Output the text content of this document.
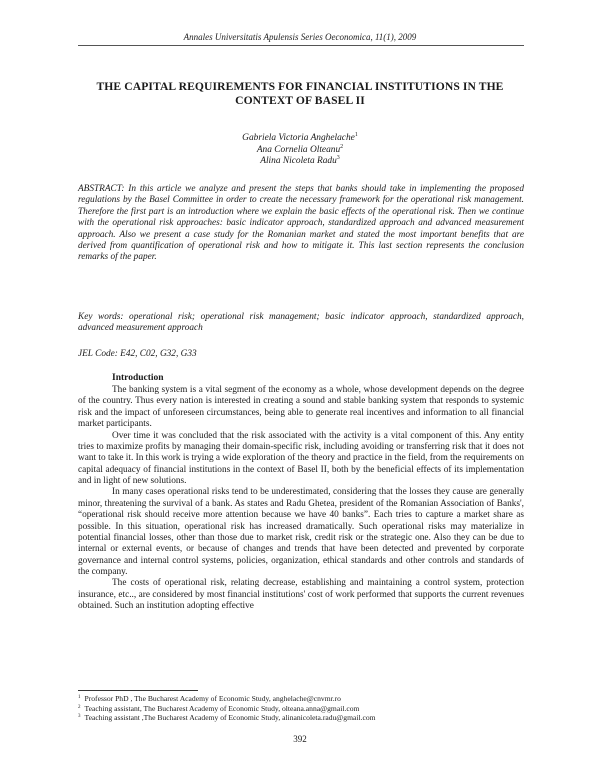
Annales Universitatis Apulensis Series Oeconomica, 11(1), 2009
THE CAPITAL REQUIREMENTS FOR FINANCIAL INSTITUTIONS IN THE CONTEXT OF BASEL II
Gabriela Victoria Anghelache$^1$
Ana Cornelia Olteanu$^2$
Alina Nicoleta Radu$^3$
ABSTRACT: In this article we analyze and present the steps that banks should take in implementing the proposed regulations by the Basel Committee in order to create the necessary framework for the operational risk management. Therefore the first part is an introduction where we explain the basic effects of the operational risk. Then we continue with the operational risk approaches: basic indicator approach, standardized approach and advanced measurement approach. Also we present a case study for the Romanian market and stated the most important benefits that are derived from quantification of operational risk and how to mitigate it. This last section represents the conclusion remarks of the paper.
Key words: operational risk; operational risk management; basic indicator approach, standardized approach, advanced measurement approach
JEL Code: E42, C02, G32, G33
Introduction

The banking system is a vital segment of the economy as a whole, whose development depends on the degree of the country. Thus every nation is interested in creating a sound and stable banking system that responds to systemic risk and the impact of unforeseen circumstances, being able to generate real incentives and information to all financial market participants.

Over time it was concluded that the risk associated with the activity is a vital component of this. Any entity tries to maximize profits by managing their domain-specific risk, including avoiding or transferring risk that it does not want to take it. In this work is trying a wide exploration of the theory and practice in the field, from the requirements on capital adequacy of financial institutions in the context of Basel II, both by the beneficial effects of its implementation and in light of new solutions.

In many cases operational risks tend to be underestimated, considering that the losses they cause are generally minor, threatening the survival of a bank. As states and Radu Ghetea, president of the Romanian Association of Banks', “operational risk should receive more attention because we have 40 banks”. Each tries to capture a market share as possible. In this situation, operational risk has increased dramatically. Such operational risks may materialize in potential financial losses, other than those due to market risk, credit risk or the strategic one. Also they can be due to internal or external events, or because of changes and trends that have been detected and prevented by corporate governance and internal control systems, policies, organization, ethical standards and other controls and standards of the company.

The costs of operational risk, relating decrease, establishing and maintaining a control system, protection insurance, etc.., are considered by most financial institutions' cost of work performed that supports the current revenues obtained. Such an institution adopting effective

$^1$ Professor PhD , The Bucharest Academy of Economic Study, anghelache@cnvmr.ro
$^2$ Teaching assistant, The Bucharest Academy of Economic Study, olteana.anna@gmail.com
$^3$ Teaching assistant ,The Bucharest Academy of Economic Study, alinanicoleta.radu@gmail.com
392
